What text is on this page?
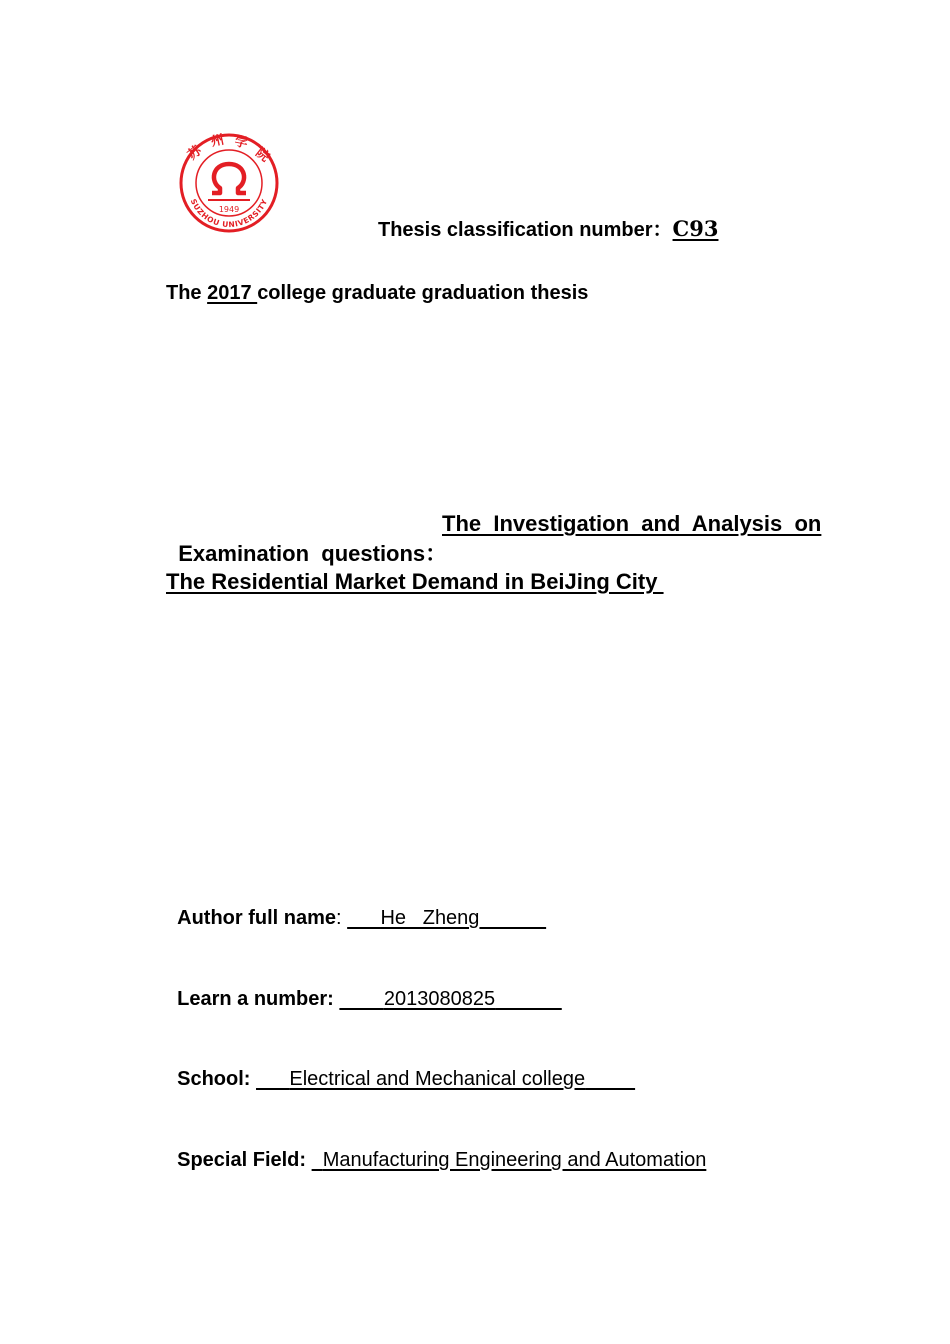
1949
苏
州 学
院
SUZHOU UNIVERSITY
Thesis classification number：C93
The 2017 college graduate graduation thesis

Examination  questions：

The  Investigation  and  Analysis  on
The Residential Market Demand in BeiJing City

Author full name:       He   Zheng

Learn a number:         2013080825

School:       Electrical and Mechanical college

Special Field:   Manufacturing Engineering and Automation
